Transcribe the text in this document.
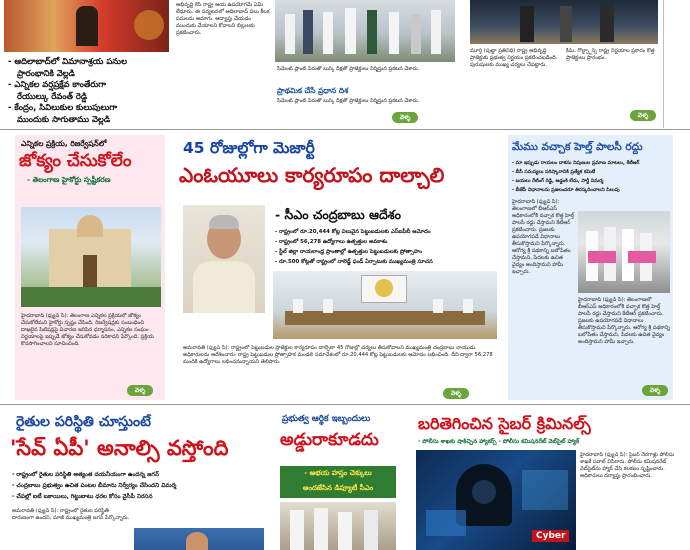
- ఆదిలాబాద్‌లో విమానాశ్రయ పనుల
ప్రారంభానికి వెల్లడి
- ఎన్నికల వర్షప్రక్షేవ కాంతేరుగా
రేయుల్కు రేవంత్ రెడ్డి
- కేంద్రం, సివిలుకుల కులుపులుగా
ముందుకు సాగుతాము వెల్లడి
అభివృద్ధి కేసీ రాష్ట్ర ఆయ ఉపయోగమే ఏమీ లేధూరు. ఈ పర్యటనలో ఆదిలాబాద్ పలు కీలక పనులను ఆదూగు. ఆద్యాప్తు చేయడం ముందుకు చేయాలని కోవాలని బిల్లులకు ప్రకటించారు.
సిమెంట్ ప్లాంట్ పేరుతో బుర్క్ దీక్షతో ప్రాజెక్టులు నిర్మిస్తున ప్రకటన చేశారు.
ప్రాథమిక చేసే ప్రధాన దిశ
సిమెంట్ ప్లాంట్ పేరుతో బుర్క్ దీక్షతో ప్రాజెక్టులు నిర్మిస్తున ప్రకటన చేశారు.
వెళ్ళ
మూర్తి (పుట్టా ప్రతినిధి) రాష్ట్ర అభివృద్ధి ప్రాజెక్టుకు ప్రభుత్వ నిర్ణయం ప్రకటించబడింది. పురుషులకు ముఖ్య చర్యలు చేపట్టారు.
కిమ్, గోల్డ్స్టాన్స్ రాష్ట్ర నిర్ణయాల ప్రకారం కొత్త ప్రాజెక్టులు ప్రారంభం.
వెళ్ళ
ఎన్నికల ప్రక్రియ, రిజర్వేషన్‌లో
జోక్యం చేసుకోలేం
- తెలంగాణ హైకోర్టు స్పష్టీకరణ
హైదరాబాద్ (ఫ్యుచ్ సి): తెలంగాణ ఎన్నికల ప్రక్రియలో జోక్యం చేసుకోలేమని హైకోర్టు స్పష్టం చేసింది. రిజర్వేషన్లకు సంబంధించి దాఖలైన పిటిషన్లపై విచారణ జరిపిన ధర్మాసనం, ఎన్నికల సంఘం నిర్ణయాలపై ఇప్పుడే జోక్యం చేసుకోవడం సరికాదని పేర్కొంది. ప్రక్రియ కొనసాగించాలని సూచించింది.
వెళ్ళ
45 రోజుల్లోగా మెజార్టీ
ఎంఓయూలు కార్యరూపం దాల్చాలి
- సీఎం చంద్రబాబు ఆదేశం
- రాష్ట్రంలో రూ.20,444 కోట్ల విలువైన పెట్టుబడులకు ఎస్‌ఐపీబీ ఆమోదం
- రాష్ట్రంలో 56,278 ఉద్యోగాలు ఉత్పత్తుల అవకాశం
- స్టీల్ జిల్లా రాయలాంధ్ర ప్రాంతాల్లో ఉత్పత్తుల పెట్టుబడులకు ప్రోత్సాహం
- రూ.500 కోట్లతో రాష్ట్రంలో నాలెడ్జ్ ఫండ్ ఏర్పాటుకు ముఖ్యమంత్రి సూచన
అమరావతి (ఫ్యుచ్ సి): రాష్ట్రంలో పెట్టుబడుల ప్రాజెక్టుల కార్యరూపం దాల్చేలా 45 రోజుల్లో చర్యలు తీసుకోవాలని ముఖ్యమంత్రి చంద్రబాబు నాయుడు అధికారులను ఆదేశించారు. రాష్ట్ర పెట్టుబడుల ప్రోత్సాహక మండలి సమావేశంలో రూ.20,444 కోట్ల పెట్టుబడులకు ఆమోదం లభించింది. దీని ద్వారా 56,278 మందికి ఉద్యోగాలు లభించనున్నాయని తెలిపారు.
వెళ్ళ
మేము వచ్చాక హెల్త్ పాలసీ రద్దు
- మా ఇప్పుడు రాయలం దాకను నిపుణుల ప్రమాణ మాటలు, కేటీఆర్
- బీసీ సమస్యలు పరిష్కారానికి ప్రత్యేక కమిటీ
- బయలు రేటింగ్ రెడ్డి, అడ్డంకి లేదు, పార్టీ విమర్శ
- బీజేపీ విధానాలను ప్రజలందరూ తిరస్కరించాలని పిలుపు
హైదరాబాద్ (ఫ్యుచ్ సి): తెలంగాణలో బీఆర్ఎస్ అధికారంలోకి వచ్చాక కొత్త హెల్త్ పాలసీ రద్దు చేస్తామని కేటీఆర్ ప్రకటించారు. ప్రజలకు ఉపయోగపడే విధానాలు తీసుకొస్తామని పేర్కొన్నారు. ఆరోగ్య శ్రీ పథకాన్ని బలోపేతం చేస్తామని, పేదలకు ఉచిత వైద్యం అందిస్తామని హామీ ఇచ్చారు.
హైదరాబాద్ (ఫ్యుచ్ సి): తెలంగాణలో బీఆర్ఎస్ అధికారంలోకి వచ్చాక కొత్త హెల్త్ పాలసీ రద్దు చేస్తామని కేటీఆర్ ప్రకటించారు. ప్రజలకు ఉపయోగపడే విధానాలు తీసుకొస్తామని పేర్కొన్నారు. ఆరోగ్య శ్రీ పథకాన్ని బలోపేతం చేస్తామని, పేదలకు ఉచిత వైద్యం అందిస్తామని హామీ ఇచ్చారు.
వెళ్ళ
రైతుల పరిస్థితి చూస్తుంటే
'సేవ్ ఏపీ' అనాల్సి వస్తోంది
- రాష్ట్రంలో రైతుల పరిస్థితి అత్యంత దయనీయంగా ఉందన్న జగన్
- చంద్రబాబు ప్రభుత్వం ఉచిత పంటల బీమాను నిర్వీర్యం చేసిందని విమర్శ
- చేపల్లో ఐటీ బకాయిలు, గిట్టుబాటు ధరల కోసం వైసీపీ నిరసన
అమరావతి (ఫ్యుచ్ సి): రాష్ట్రంలో రైతుల పరిస్థితి దారుణంగా ఉందని, మాజీ ముఖ్యమంత్రి జగన్ పేర్కొన్నారు.
ప్రభుత్వ ఆర్థిక ఇబ్బందులు
అడ్డురాకూడదు
- అభయ హస్తం చెక్కులు
అందజేసిన డిప్యూటీ సీఎం
బరితెగించిన సైబర్ క్రిమినల్స్
- పోలీసు శాఖకు షాకిచ్చిన హ్యాకర్స్ - పోలీసు కమిషనరేట్ వెబ్‌సైట్ హ్యాక్
Cyber
హైదరాబాద్ (ఫ్యుచ్ సి): సైబర్ నేరగాళ్లు పోలీసు శాఖకే సవాల్ విసిరారు. పోలీసు కమిషనరేట్ వెబ్‌సైట్‌ను హ్యాక్ చేసి కలకలం సృష్టించారు. అధికారులు దర్యాప్తు ప్రారంభించారు.
